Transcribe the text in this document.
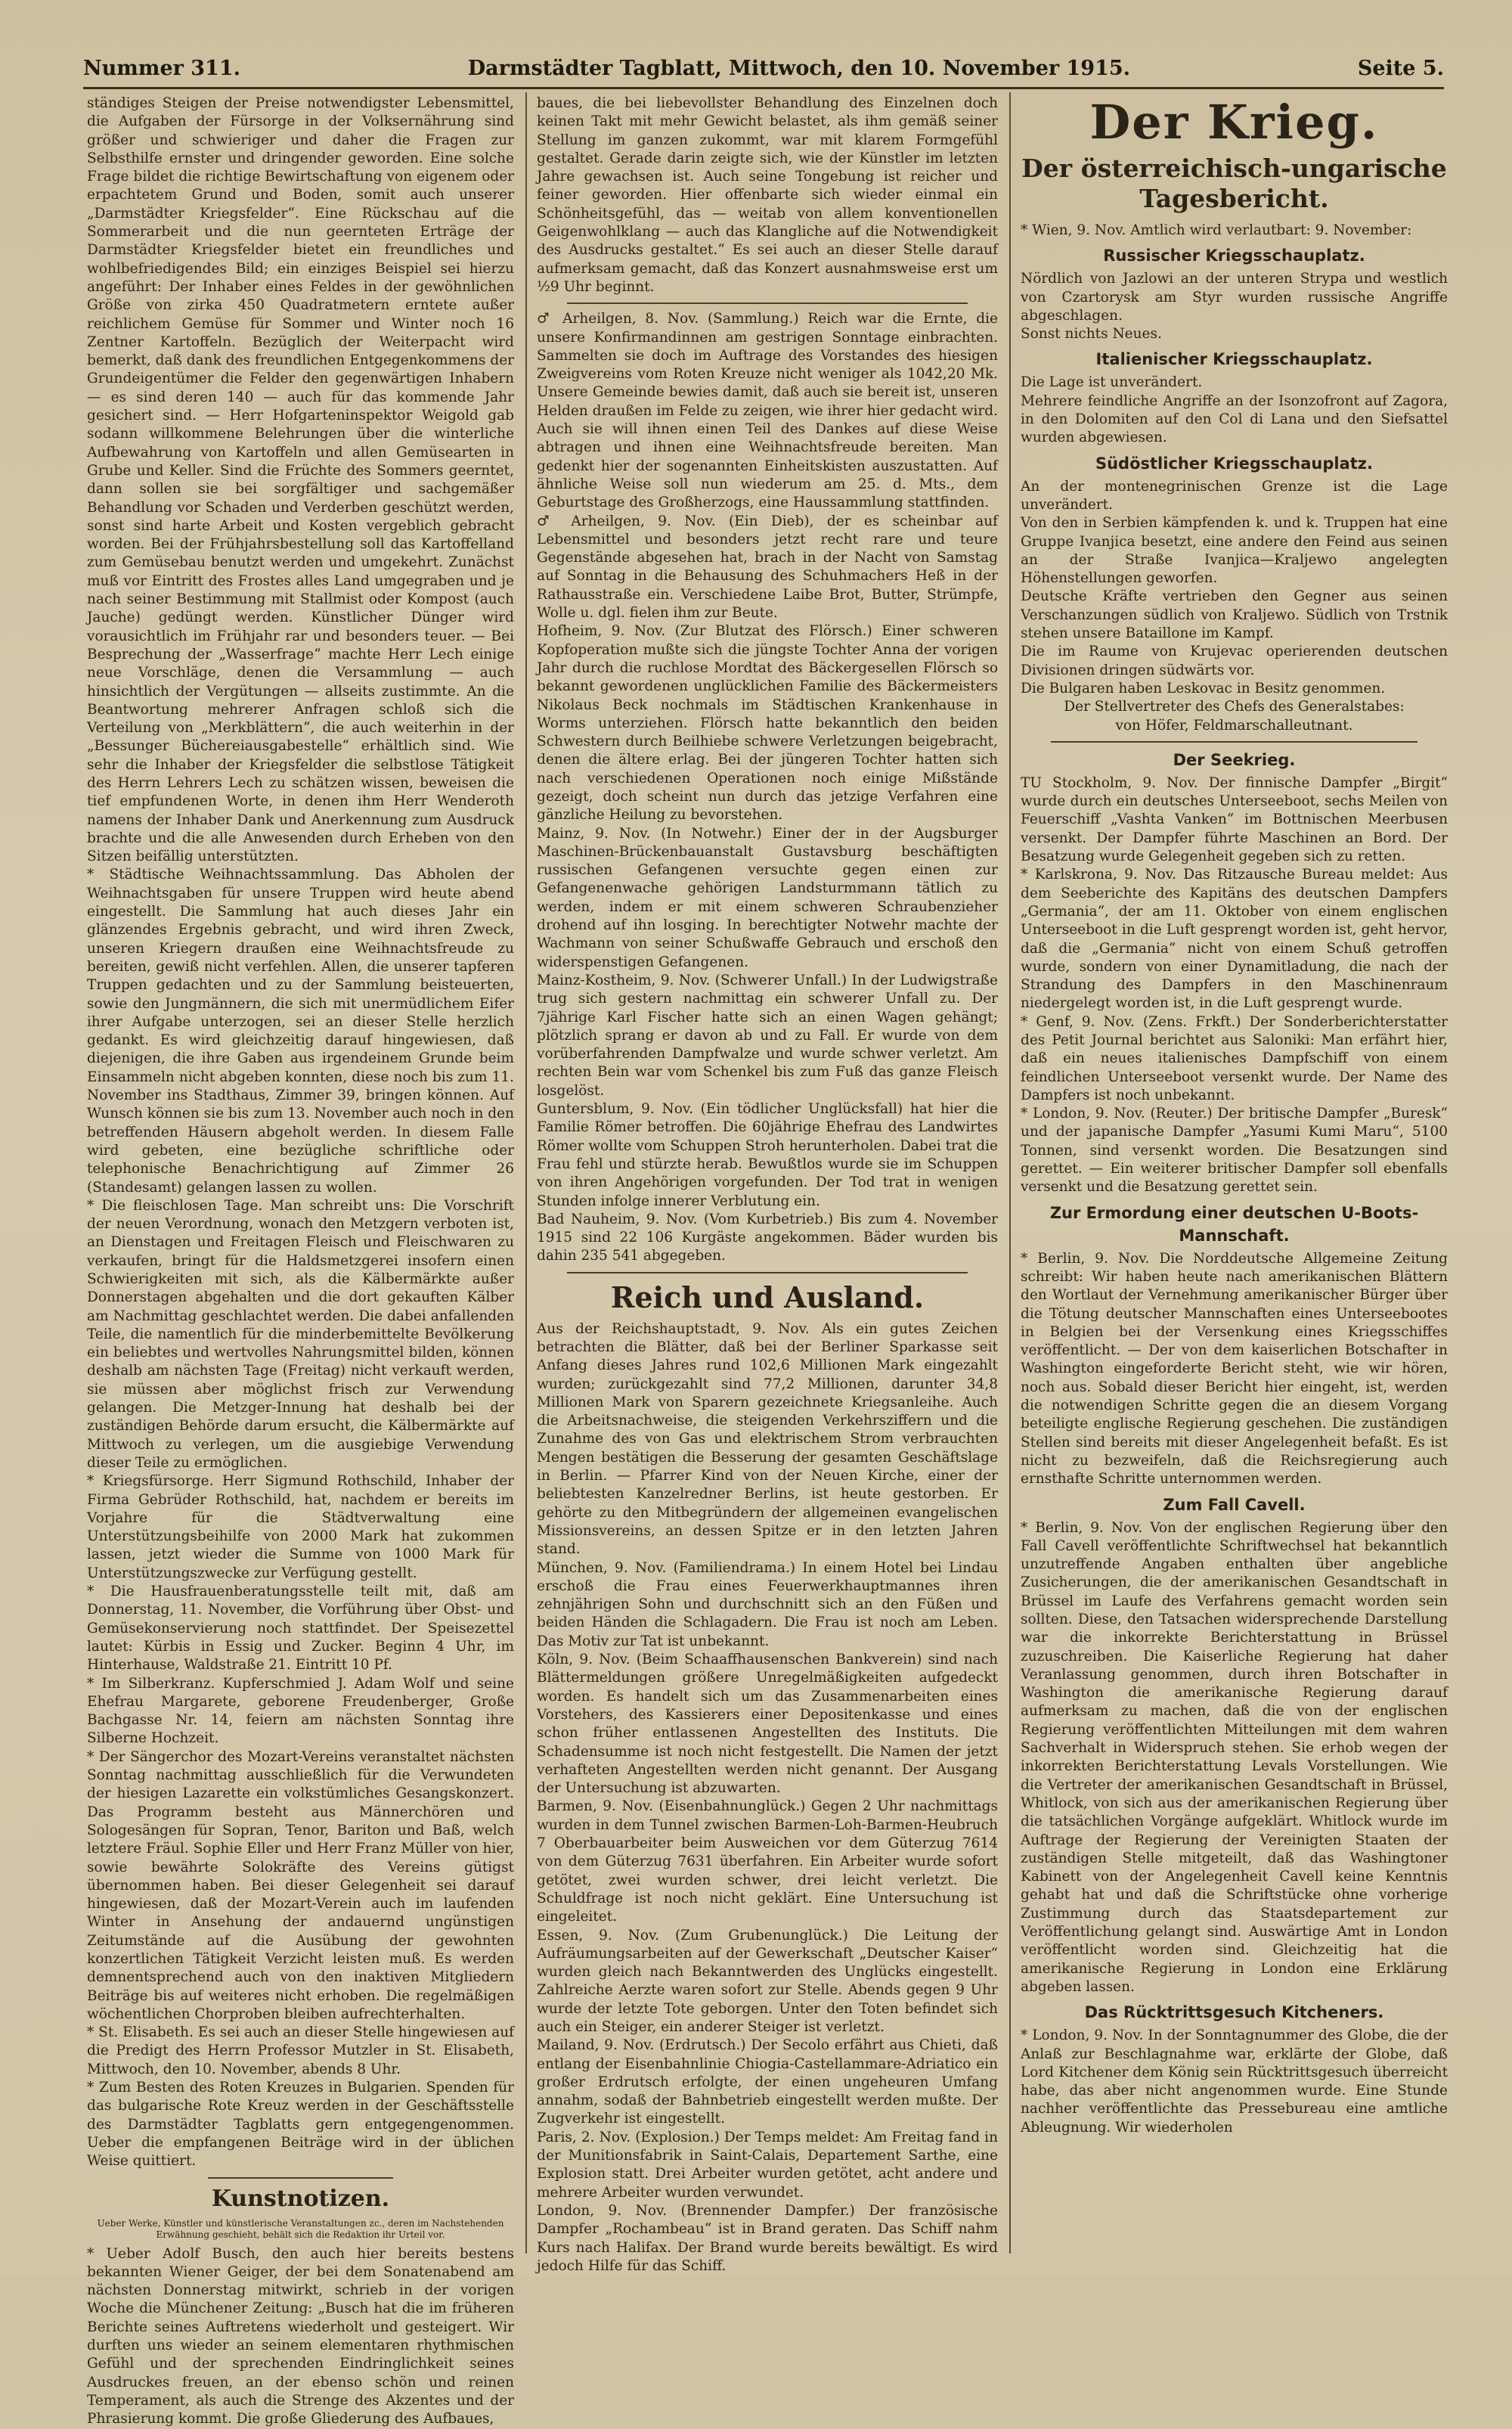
Nummer 311.	Darmstädter Tagblatt, Mittwoch, den 10. November 1915.	Seite 5.

ständiges Steigen der Preise notwendigster Lebensmittel, die Aufgaben der Fürsorge in der Volksernährung sind größer und schwieriger und daher die Fragen zur Selbsthilfe ernster und dringender geworden. Eine solche Frage bildet die richtige Bewirtschaftung von eigenem oder erpachtetem Grund und Boden, somit auch unserer „Darmstädter Kriegsfelder“. Eine Rückschau auf die Sommerarbeit und die nun geernteten Erträge der Darmstädter Kriegsfelder bietet ein freundliches und wohlbefriedigendes Bild; ein einziges Beispiel sei hierzu angeführt: Der Inhaber eines Feldes in der gewöhnlichen Größe von zirka 450 Quadratmetern erntete außer reichlichem Gemüse für Sommer und Winter noch 16 Zentner Kartoffeln. Bezüglich der Weiterpacht wird bemerkt, daß dank des freundlichen Entgegenkommens der Grundeigentümer die Felder den gegenwärtigen Inhabern — es sind deren 140 — auch für das kommende Jahr gesichert sind. — Herr Hofgarteninspektor Weigold gab sodann willkommene Belehrungen über die winterliche Aufbewahrung von Kartoffeln und allen Gemüsearten in Grube und Keller. Sind die Früchte des Sommers geerntet, dann sollen sie bei sorgfältiger und sachgemäßer Behandlung vor Schaden und Verderben geschützt werden, sonst sind harte Arbeit und Kosten vergeblich gebracht worden. Bei der Frühjahrsbestellung soll das Kartoffelland zum Gemüsebau benutzt werden und umgekehrt. Zunächst muß vor Eintritt des Frostes alles Land umgegraben und je nach seiner Bestimmung mit Stallmist oder Kompost (auch Jauche) gedüngt werden. Künstlicher Dünger wird vorausichtlich im Frühjahr rar und besonders teuer. — Bei Besprechung der „Wasserfrage“ machte Herr Lech einige neue Vorschläge, denen die Versammlung — auch hinsichtlich der Vergütungen — allseits zustimmte. An die Beantwortung mehrerer Anfragen schloß sich die Verteilung von „Merkblättern“, die auch weiterhin in der „Bessunger Büchereiausgabestelle“ erhältlich sind. Wie sehr die Inhaber der Kriegsfelder die selbstlose Tätigkeit des Herrn Lehrers Lech zu schätzen wissen, beweisen die tief empfundenen Worte, in denen ihm Herr Wenderoth namens der Inhaber Dank und Anerkennung zum Ausdruck brachte und die alle Anwesenden durch Erheben von den Sitzen beifällig unterstützten.

* Städtische Weihnachtssammlung. Das Abholen der Weihnachtsgaben für unsere Truppen wird heute abend eingestellt. Die Sammlung hat auch dieses Jahr ein glänzendes Ergebnis gebracht, und wird ihren Zweck, unseren Kriegern draußen eine Weihnachtsfreude zu bereiten, gewiß nicht verfehlen. Allen, die unserer tapferen Truppen gedachten und zu der Sammlung beisteuerten, sowie den Jungmännern, die sich mit unermüdlichem Eifer ihrer Aufgabe unterzogen, sei an dieser Stelle herzlich gedankt. Es wird gleichzeitig darauf hingewiesen, daß diejenigen, die ihre Gaben aus irgendeinem Grunde beim Einsammeln nicht abgeben konnten, diese noch bis zum 11. November ins Stadthaus, Zimmer 39, bringen können. Auf Wunsch können sie bis zum 13. November auch noch in den betreffenden Häusern abgeholt werden. In diesem Falle wird gebeten, eine bezügliche schriftliche oder telephonische Benachrichtigung auf Zimmer 26 (Standesamt) gelangen lassen zu wollen.

* Die fleischlosen Tage. Man schreibt uns: Die Vorschrift der neuen Verordnung, wonach den Metzgern verboten ist, an Dienstagen und Freitagen Fleisch und Fleischwaren zu verkaufen, bringt für die Haldsmetzgerei insofern einen Schwierigkeiten mit sich, als die Kälbermärkte außer Donnerstagen abgehalten und die dort gekauften Kälber am Nachmittag geschlachtet werden. Die dabei anfallenden Teile, die namentlich für die minderbemittelte Bevölkerung ein beliebtes und wertvolles Nahrungsmittel bilden, können deshalb am nächsten Tage (Freitag) nicht verkauft werden, sie müssen aber möglichst frisch zur Verwendung gelangen. Die Metzger-Innung hat deshalb bei der zuständigen Behörde darum ersucht, die Kälbermärkte auf Mittwoch zu verlegen, um die ausgiebige Verwendung dieser Teile zu ermöglichen.

* Kriegsfürsorge. Herr Sigmund Rothschild, Inhaber der Firma Gebrüder Rothschild, hat, nachdem er bereits im Vorjahre für die Städtverwaltung eine Unterstützungsbeihilfe von 2000 Mark hat zukommen lassen, jetzt wieder die Summe von 1000 Mark für Unterstützungszwecke zur Verfügung gestellt.

* Die Hausfrauenberatungsstelle teilt mit, daß am Donnerstag, 11. November, die Vorführung über Obst- und Gemüsekonservierung noch stattfindet. Der Speisezettel lautet: Kürbis in Essig und Zucker. Beginn 4 Uhr, im Hinterhause, Waldstraße 21. Eintritt 10 Pf.

* Im Silberkranz. Kupferschmied J. Adam Wolf und seine Ehefrau Margarete, geborene Freudenberger, Große Bachgasse Nr. 14, feiern am nächsten Sonntag ihre Silberne Hochzeit.

* Der Sängerchor des Mozart-Vereins veranstaltet nächsten Sonntag nachmittag ausschließlich für die Verwundeten der hiesigen Lazarette ein volkstümliches Gesangskonzert. Das Programm besteht aus Männerchören und Sologesängen für Sopran, Tenor, Bariton und Baß, welch letztere Fräul. Sophie Eller und Herr Franz Müller von hier, sowie bewährte Solokräfte des Vereins gütigst übernommen haben. Bei dieser Gelegenheit sei darauf hingewiesen, daß der Mozart-Verein auch im laufenden Winter in Ansehung der andauernd ungünstigen Zeitumstände auf die Ausübung der gewohnten konzertlichen Tätigkeit Verzicht leisten muß. Es werden demnentsprechend auch von den inaktiven Mitgliedern Beiträge bis auf weiteres nicht erhoben. Die regelmäßigen wöchentlichen Chorproben bleiben aufrechterhalten.

* St. Elisabeth. Es sei auch an dieser Stelle hingewiesen auf die Predigt des Herrn Professor Mutzler in St. Elisabeth, Mittwoch, den 10. November, abends 8 Uhr.

* Zum Besten des Roten Kreuzes in Bulgarien. Spenden für das bulgarische Rote Kreuz werden in der Geschäftsstelle des Darmstädter Tagblatts gern entgegengenommen. Ueber die empfangenen Beiträge wird in der üblichen Weise quittiert.

Kunstnotizen.
Ueber Werke, Künstler und künstlerische Veranstaltungen zc., deren im Nachstehenden Erwähnung geschieht, behält sich die Redaktion ihr Urteil vor.

* Ueber Adolf Busch, den auch hier bereits bestens bekannten Wiener Geiger, der bei dem Sonatenabend am nächsten Donnerstag mitwirkt, schrieb in der vorigen Woche die Münchener Zeitung: „Busch hat die im früheren Berichte seines Auftretens wiederholt und gesteigert. Wir durften uns wieder an seinem elementaren rhythmischen Gefühl und der sprechenden Eindringlichkeit seines Ausdruckes freuen, an der ebenso schön und reinen Temperament, als auch die Strenge des Akzentes und der Phrasierung kommt. Die große Gliederung des Aufbaues,

baues, die bei liebevollster Behandlung des Einzelnen doch keinen Takt mit mehr Gewicht belastet, als ihm gemäß seiner Stellung im ganzen zukommt, war mit klarem Formgefühl gestaltet. Gerade darin zeigte sich, wie der Künstler im letzten Jahre gewachsen ist. Auch seine Tongebung ist reicher und feiner geworden. Hier offenbarte sich wieder einmal ein Schönheitsgefühl, das — weitab von allem konventionellen Geigenwohlklang — auch das Klangliche auf die Notwendigkeit des Ausdrucks gestaltet.“ Es sei auch an dieser Stelle darauf aufmerksam gemacht, daß das Konzert ausnahmsweise erst um ½9 Uhr beginnt.

♂ Arheilgen, 8. Nov. (Sammlung.) Reich war die Ernte, die unsere Konfirmandinnen am gestrigen Sonntage einbrachten. Sammelten sie doch im Auftrage des Vorstandes des hiesigen Zweigvereins vom Roten Kreuze nicht weniger als 1042,20 Mk. Unsere Gemeinde bewies damit, daß auch sie bereit ist, unseren Helden draußen im Felde zu zeigen, wie ihrer hier gedacht wird. Auch sie will ihnen einen Teil des Dankes auf diese Weise abtragen und ihnen eine Weihnachtsfreude bereiten. Man gedenkt hier der sogenannten Einheitskisten auszustatten. Auf ähnliche Weise soll nun wiederum am 25. d. Mts., dem Geburtstage des Großherzogs, eine Haussammlung stattfinden.

♂ Arheilgen, 9. Nov. (Ein Dieb), der es scheinbar auf Lebensmittel und besonders jetzt recht rare und teure Gegenstände abgesehen hat, brach in der Nacht von Samstag auf Sonntag in die Behausung des Schuhmachers Heß in der Rathausstraße ein. Verschiedene Laibe Brot, Butter, Strümpfe, Wolle u. dgl. fielen ihm zur Beute.

Hofheim, 9. Nov. (Zur Blutzat des Flörsch.) Einer schweren Kopfoperation mußte sich die jüngste Tochter Anna der vorigen Jahr durch die ruchlose Mordtat des Bäckergesellen Flörsch so bekannt gewordenen unglücklichen Familie des Bäckermeisters Nikolaus Beck nochmals im Städtischen Krankenhause in Worms unterziehen. Flörsch hatte bekanntlich den beiden Schwestern durch Beilhiebe schwere Verletzungen beigebracht, denen die ältere erlag. Bei der jüngeren Tochter hatten sich nach verschiedenen Operationen noch einige Mißstände gezeigt, doch scheint nun durch das jetzige Verfahren eine gänzliche Heilung zu bevorstehen.

Mainz, 9. Nov. (In Notwehr.) Einer der in der Augsburger Maschinen-Brückenbauanstalt Gustavsburg beschäftigten russischen Gefangenen versuchte gegen einen zur Gefangenenwache gehörigen Landsturmmann tätlich zu werden, indem er mit einem schweren Schraubenzieher drohend auf ihn losging. In berechtigter Notwehr machte der Wachmann von seiner Schußwaffe Gebrauch und erschoß den widerspenstigen Gefangenen.

Mainz-Kostheim, 9. Nov. (Schwerer Unfall.) In der Ludwigstraße trug sich gestern nachmittag ein schwerer Unfall zu. Der 7jährige Karl Fischer hatte sich an einen Wagen gehängt; plötzlich sprang er davon ab und zu Fall. Er wurde von dem vorüberfahrenden Dampfwalze und wurde schwer verletzt. Am rechten Bein war vom Schenkel bis zum Fuß das ganze Fleisch losgelöst.

Guntersblum, 9. Nov. (Ein tödlicher Unglücksfall) hat hier die Familie Römer betroffen. Die 60jährige Ehefrau des Landwirtes Römer wollte vom Schuppen Stroh herunterholen. Dabei trat die Frau fehl und stürzte herab. Bewußtlos wurde sie im Schuppen von ihren Angehörigen vorgefunden. Der Tod trat in wenigen Stunden infolge innerer Verblutung ein.

Bad Nauheim, 9. Nov. (Vom Kurbetrieb.) Bis zum 4. November 1915 sind 22 106 Kurgäste angekommen. Bäder wurden bis dahin 235 541 abgegeben.

Reich und Ausland.

Aus der Reichshauptstadt, 9. Nov. Als ein gutes Zeichen betrachten die Blätter, daß bei der Berliner Sparkasse seit Anfang dieses Jahres rund 102,6 Millionen Mark eingezahlt wurden; zurückgezahlt sind 77,2 Millionen, darunter 34,8 Millionen Mark von Sparern gezeichnete Kriegsanleihe. Auch die Arbeitsnachweise, die steigenden Verkehrsziffern und die Zunahme des von Gas und elektrischem Strom verbrauchten Mengen bestätigen die Besserung der gesamten Geschäftslage in Berlin. — Pfarrer Kind von der Neuen Kirche, einer der beliebtesten Kanzelredner Berlins, ist heute gestorben. Er gehörte zu den Mitbegründern der allgemeinen evangelischen Missionsvereins, an dessen Spitze er in den letzten Jahren stand.

München, 9. Nov. (Familiendrama.) In einem Hotel bei Lindau erschoß die Frau eines Feuerwerkhauptmannes ihren zehnjährigen Sohn und durchschnitt sich an den Füßen und beiden Händen die Schlagadern. Die Frau ist noch am Leben. Das Motiv zur Tat ist unbekannt.

Köln, 9. Nov. (Beim Schaaffhausenschen Bankverein) sind nach Blättermeldungen größere Unregelmäßigkeiten aufgedeckt worden. Es handelt sich um das Zusammenarbeiten eines Vorstehers, des Kassierers einer Depositenkasse und eines schon früher entlassenen Angestellten des Instituts. Die Schadensumme ist noch nicht festgestellt. Die Namen der jetzt verhafteten Angestellten werden nicht genannt. Der Ausgang der Untersuchung ist abzuwarten.

Barmen, 9. Nov. (Eisenbahnunglück.) Gegen 2 Uhr nachmittags wurden in dem Tunnel zwischen Barmen-Loh-Barmen-Heubruch 7 Oberbauarbeiter beim Ausweichen vor dem Güterzug 7614 von dem Güterzug 7631 überfahren. Ein Arbeiter wurde sofort getötet, zwei wurden schwer, drei leicht verletzt. Die Schuldfrage ist noch nicht geklärt. Eine Untersuchung ist eingeleitet.

Essen, 9. Nov. (Zum Grubenunglück.) Die Leitung der Aufräumungsarbeiten auf der Gewerkschaft „Deutscher Kaiser“ wurden gleich nach Bekanntwerden des Unglücks eingestellt. Zahlreiche Aerzte waren sofort zur Stelle. Abends gegen 9 Uhr wurde der letzte Tote geborgen. Unter den Toten befindet sich auch ein Steiger, ein anderer Steiger ist verletzt.

Mailand, 9. Nov. (Erdrutsch.) Der Secolo erfährt aus Chieti, daß entlang der Eisenbahnlinie Chiogia-Castellammare-Adriatico ein großer Erdrutsch erfolgte, der einen ungeheuren Umfang annahm, sodaß der Bahnbetrieb eingestellt werden mußte. Der Zugverkehr ist eingestellt.

Paris, 2. Nov. (Explosion.) Der Temps meldet: Am Freitag fand in der Munitionsfabrik in Saint-Calais, Departement Sarthe, eine Explosion statt. Drei Arbeiter wurden getötet, acht andere und mehrere Arbeiter wurden verwundet.

London, 9. Nov. (Brennender Dampfer.) Der französische Dampfer „Rochambeau“ ist in Brand geraten. Das Schiff nahm Kurs nach Halifax. Der Brand wurde bereits bewältigt. Es wird jedoch Hilfe für das Schiff.

Der Krieg.
Der österreichisch-ungarische Tagesbericht.

* Wien, 9. Nov. Amtlich wird verlautbart: 9. November:

Russischer Kriegsschauplatz.

Nördlich von Jazlowi an der unteren Strypa und westlich von Czartorysk am Styr wurden russische Angriffe abgeschlagen.

Sonst nichts Neues.

Italienischer Kriegsschauplatz.

Die Lage ist unverändert.

Mehrere feindliche Angriffe an der Isonzofront auf Zagora, in den Dolomiten auf den Col di Lana und den Siefsattel wurden abgewiesen.

Südöstlicher Kriegsschauplatz.

An der montenegrinischen Grenze ist die Lage unverändert.

Von den in Serbien kämpfenden k. und k. Truppen hat eine Gruppe Ivanjica besetzt, eine andere den Feind aus seinen an der Straße Ivanjica—Kraljewo angelegten Höhenstellungen geworfen.

Deutsche Kräfte vertrieben den Gegner aus seinen Verschanzungen südlich von Kraljewo. Südlich von Trstnik stehen unsere Bataillone im Kampf.

Die im Raume von Krujevac operierenden deutschen Divisionen dringen südwärts vor.

Die Bulgaren haben Leskovac in Besitz genommen.

Der Stellvertreter des Chefs des Generalstabes:

von Höfer, Feldmarschalleutnant.

Der Seekrieg.

TU Stockholm, 9. Nov. Der finnische Dampfer „Birgit“ wurde durch ein deutsches Unterseeboot, sechs Meilen von Feuerschiff „Vashta Vanken“ im Bottnischen Meerbusen versenkt. Der Dampfer führte Maschinen an Bord. Der Besatzung wurde Gelegenheit gegeben sich zu retten.

* Karlskrona, 9. Nov. Das Ritzausche Bureau meldet: Aus dem Seeberichte des Kapitäns des deutschen Dampfers „Germania“, der am 11. Oktober von einem englischen Unterseeboot in die Luft gesprengt worden ist, geht hervor, daß die „Germania“ nicht von einem Schuß getroffen wurde, sondern von einer Dynamitladung, die nach der Strandung des Dampfers in den Maschinenraum niedergelegt worden ist, in die Luft gesprengt wurde.

* Genf, 9. Nov. (Zens. Frkft.) Der Sonderberichterstatter des Petit Journal berichtet aus Saloniki: Man erfährt hier, daß ein neues italienisches Dampfschiff von einem feindlichen Unterseeboot versenkt wurde. Der Name des Dampfers ist noch unbekannt.

* London, 9. Nov. (Reuter.) Der britische Dampfer „Buresk“ und der japanische Dampfer „Yasumi Kumi Maru“, 5100 Tonnen, sind versenkt worden. Die Besatzungen sind gerettet. — Ein weiterer britischer Dampfer soll ebenfalls versenkt und die Besatzung gerettet sein.

Zur Ermordung einer deutschen U-Boots-Mannschaft.

* Berlin, 9. Nov. Die Norddeutsche Allgemeine Zeitung schreibt: Wir haben heute nach amerikanischen Blättern den Wortlaut der Vernehmung amerikanischer Bürger über die Tötung deutscher Mannschaften eines Unterseebootes in Belgien bei der Versenkung eines Kriegsschiffes veröffentlicht. — Der von dem kaiserlichen Botschafter in Washington eingeforderte Bericht steht, wie wir hören, noch aus. Sobald dieser Bericht hier eingeht, ist, werden die notwendigen Schritte gegen die an diesem Vorgang beteiligte englische Regierung geschehen. Die zuständigen Stellen sind bereits mit dieser Angelegenheit befaßt. Es ist nicht zu bezweifeln, daß die Reichsregierung auch ernsthafte Schritte unternommen werden.

Zum Fall Cavell.

* Berlin, 9. Nov. Von der englischen Regierung über den Fall Cavell veröffentlichte Schriftwechsel hat bekanntlich unzutreffende Angaben enthalten über angebliche Zusicherungen, die der amerikanischen Gesandtschaft in Brüssel im Laufe des Verfahrens gemacht worden sein sollten. Diese, den Tatsachen widersprechende Darstellung war die inkorrekte Berichterstattung in Brüssel zuzuschreiben. Die Kaiserliche Regierung hat daher Veranlassung genommen, durch ihren Botschafter in Washington die amerikanische Regierung darauf aufmerksam zu machen, daß die von der englischen Regierung veröffentlichten Mitteilungen mit dem wahren Sachverhalt in Widerspruch stehen. Sie erhob wegen der inkorrekten Berichterstattung Levals Vorstellungen. Wie die Vertreter der amerikanischen Gesandtschaft in Brüssel, Whitlock, von sich aus der amerikanischen Regierung über die tatsächlichen Vorgänge aufgeklärt. Whitlock wurde im Auftrage der Regierung der Vereinigten Staaten der zuständigen Stelle mitgeteilt, daß das Washingtoner Kabinett von der Angelegenheit Cavell keine Kenntnis gehabt hat und daß die Schriftstücke ohne vorherige Zustimmung durch das Staatsdepartement zur Veröffentlichung gelangt sind. Auswärtige Amt in London veröffentlicht worden sind. Gleichzeitig hat die amerikanische Regierung in London eine Erklärung abgeben lassen.

Das Rücktrittsgesuch Kitcheners.

* London, 9. Nov. In der Sonntagnummer des Globe, die der Anlaß zur Beschlagnahme war, erklärte der Globe, daß Lord Kitchener dem König sein Rücktrittsgesuch überreicht habe, das aber nicht angenommen wurde. Eine Stunde nachher veröffentlichte das Pressebureau eine amtliche Ableugnung. Wir wiederholen
